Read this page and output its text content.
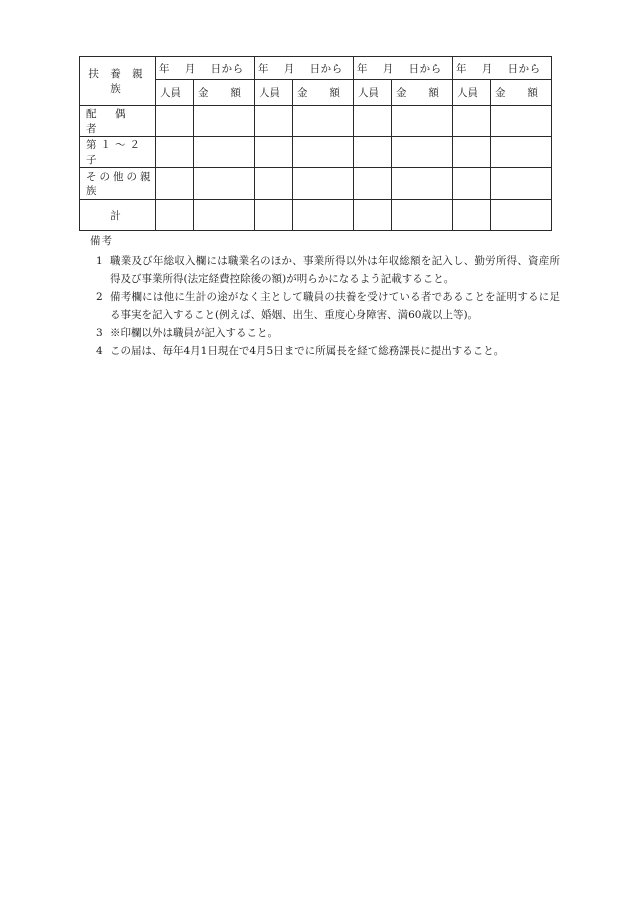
扶 養 親 族	年　 月　 日から		年　 月　 日から		年　 月　 日から		年　 月　 日から	
	人員	金　　額	人員	金　　額	人員	金　　額	人員	金　　額
配　偶　者								
第１～２子								
その他の親族								
計								

備考

1 職業及び年総収入欄には職業名のほか、事業所得以外は年収総額を記入し、勤労所得、資産所得及び事業所得(法定経費控除後の額)が明らかになるよう記載すること。

2 備考欄には他に生計の途がなく主として職員の扶養を受けている者であることを証明するに足る事実を記入すること(例えば、婚姻、出生、重度心身障害、満60歳以上等)。

3 ※印欄以外は職員が記入すること。

4 この届は、毎年4月1日現在で4月5日までに所属長を経て総務課長に提出すること。
